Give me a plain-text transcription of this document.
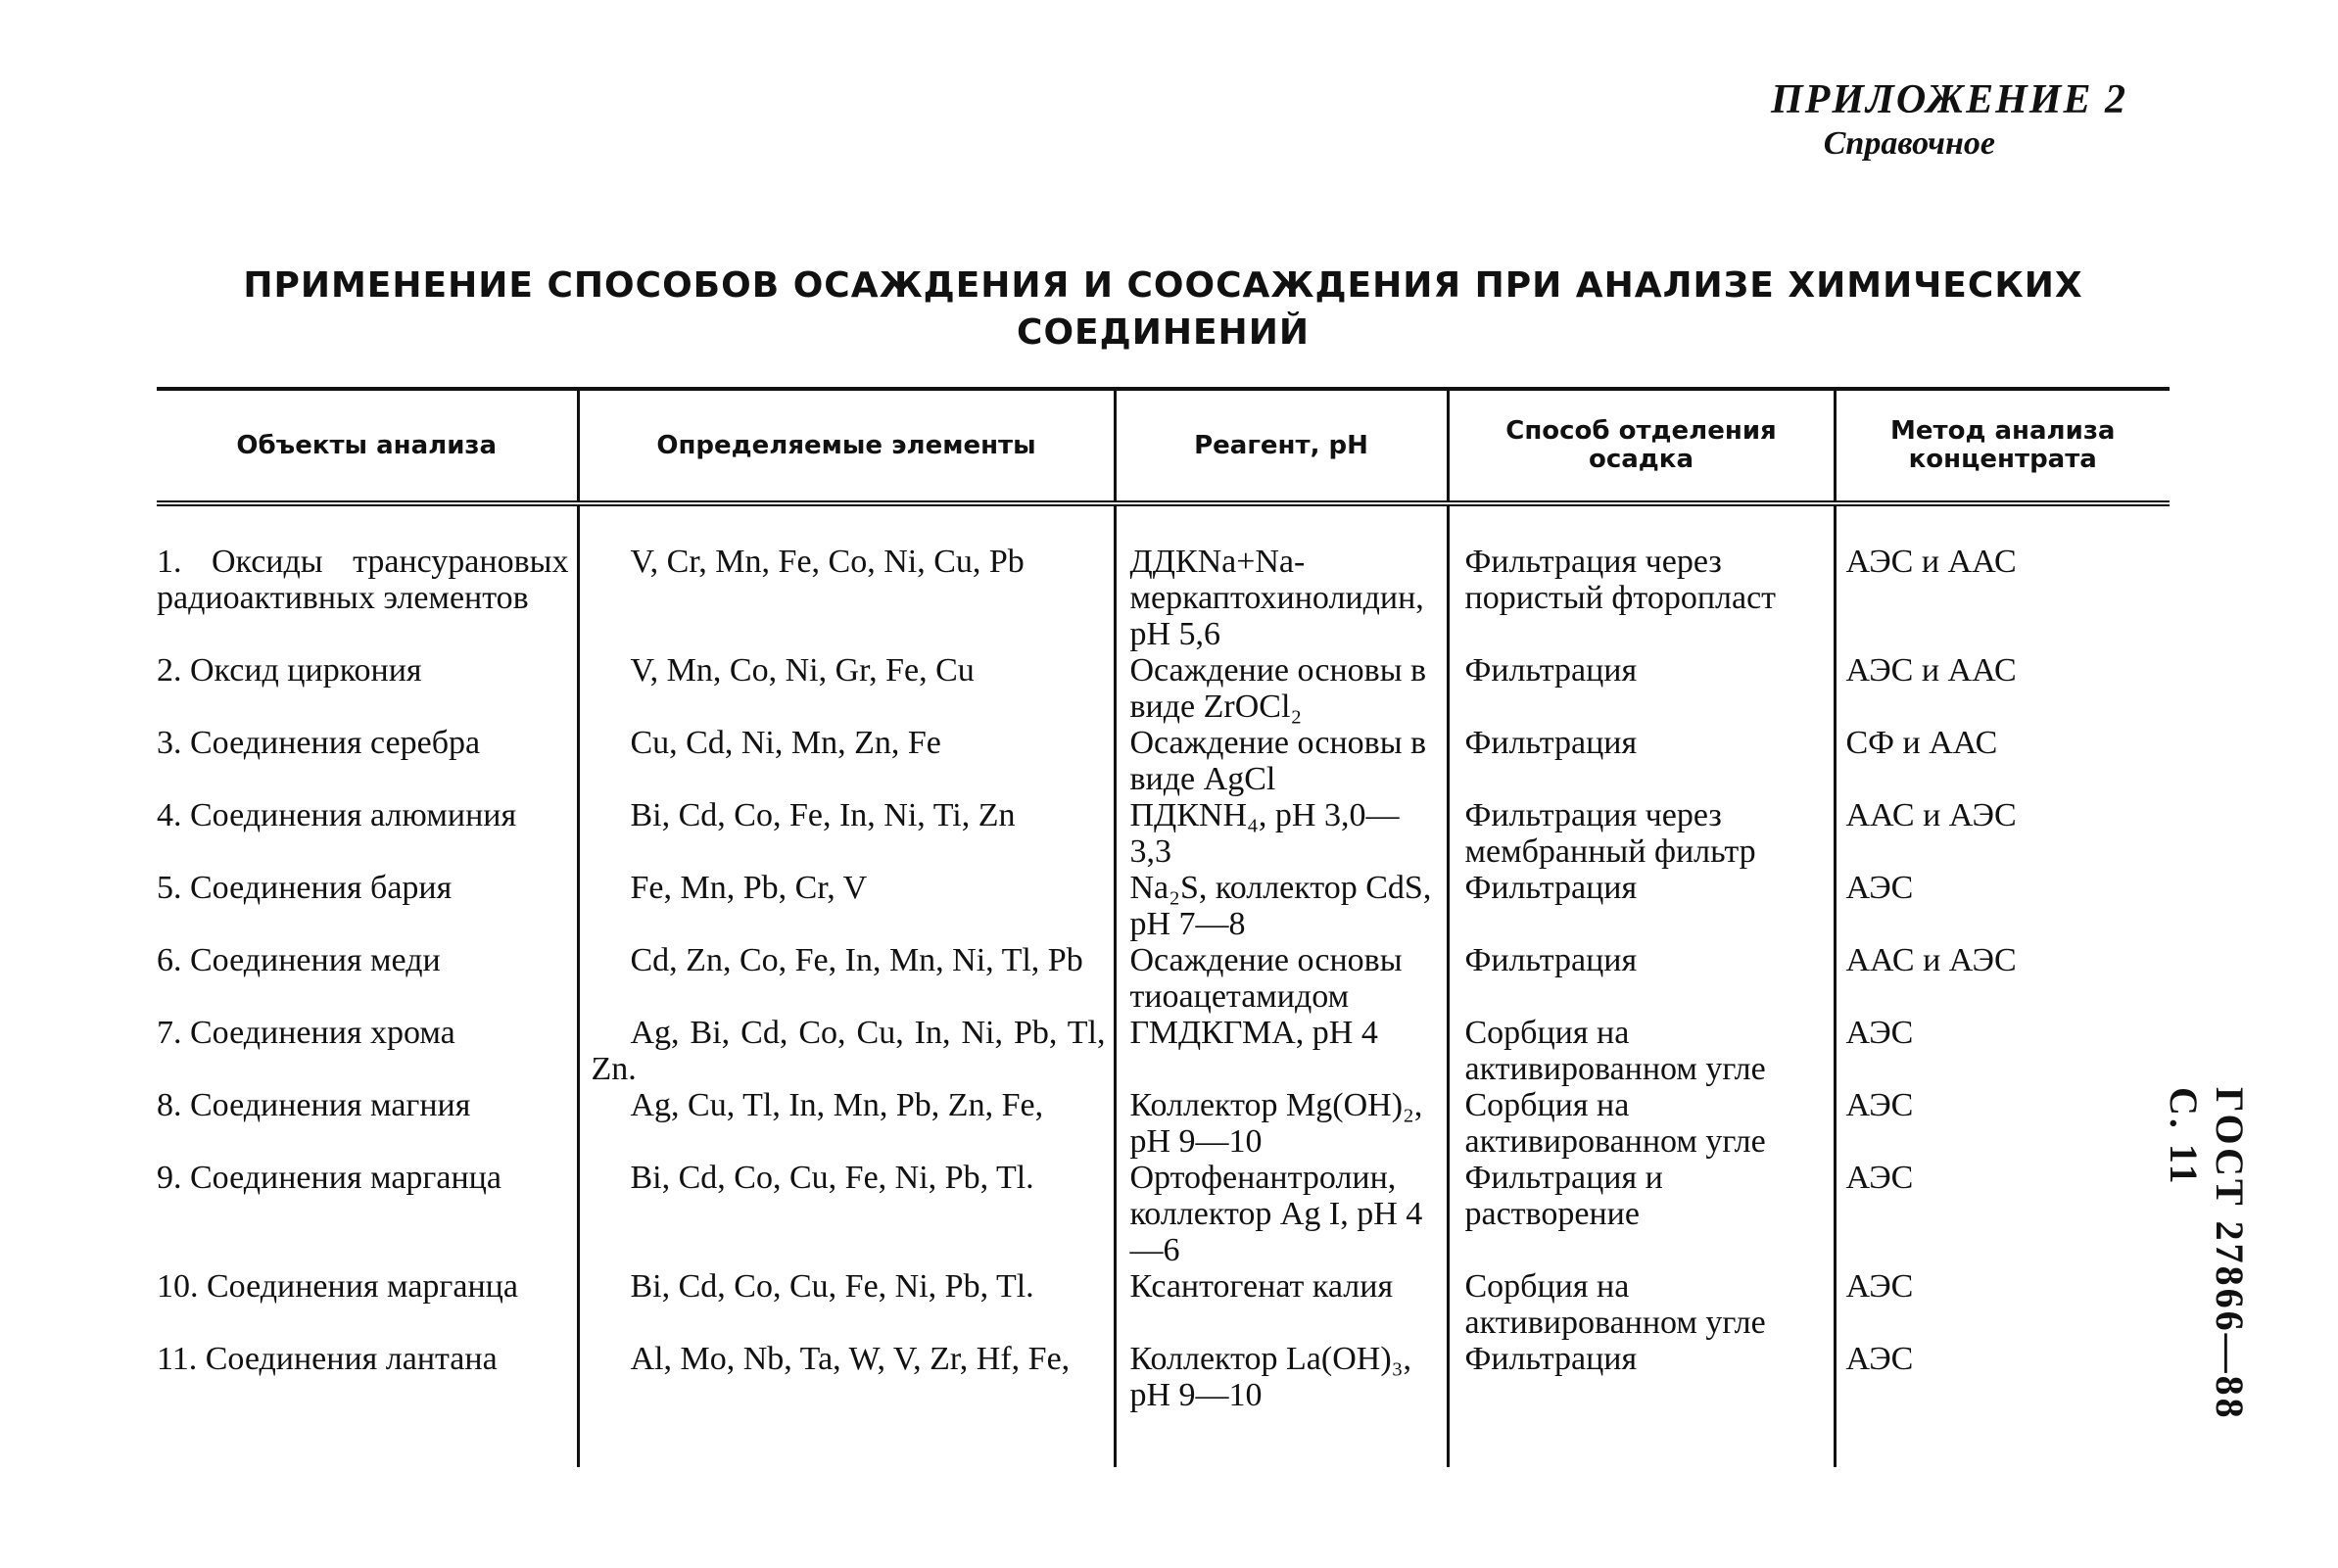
ПРИЛОЖЕНИЕ 2
Справочное
ПРИМЕНЕНИЕ СПОСОБОВ ОСАЖДЕНИЯ И СООСАЖДЕНИЯ ПРИ АНАЛИЗЕ ХИМИЧЕСКИХ
СОЕДИНЕНИЙ
ГОСТ 27866—88 С. 11
Объекты анализа	Определяемые элементы	Реагент, pH	Способ отделения осадка	Метод анализа концентрата

1. Оксиды трансурановых радиоактивных элементов	V, Cr, Mn, Fe, Co, Ni, Cu, Pb	ДДКNa+Na-меркаптохинолидин, pH 5,6	Фильтрация через пористый фторопласт	АЭС и ААС
2. Оксид циркония	V, Mn, Co, Ni, Gr, Fe, Cu	Осаждение основы в виде ZrOCl₂	Фильтрация	АЭС и ААС
3. Соединения серебра	Cu, Cd, Ni, Mn, Zn, Fe	Осаждение основы в виде AgCl	Фильтрация	СФ и ААС
4. Соединения алюминия	Bi, Cd, Co, Fe, In, Ni, Ti, Zn	ПДКNH₄, pH 3,0—3,3	Фильтрация через мембранный фильтр	ААС и АЭС
5. Соединения бария	Fe, Mn, Pb, Cr, V	Na₂S, коллектор CdS, pH 7—8	Фильтрация	АЭС
6. Соединения меди	Cd, Zn, Co, Fe, In, Mn, Ni, Tl, Pb	Осаждение основы тиоацетамидом	Фильтрация	ААС и АЭС
7. Соединения хрома	Ag, Bi, Cd, Co, Cu, In, Ni, Pb, Tl, Zn.	ГМДКГМА, pH 4	Сорбция на активированном угле	АЭС
8. Соединения магния	Ag, Cu, Tl, In, Mn, Pb, Zn, Fe,	Коллектор Mg(OH)₂, pH 9—10	Сорбция на активированном угле	АЭС
9. Соединения марганца	Bi, Cd, Co, Cu, Fe, Ni, Pb, Tl.	Ортофенантролин, коллектор Ag I, pH 4—6	Фильтрация и растворение	АЭС
10. Соединения марганца	Bi, Cd, Co, Cu, Fe, Ni, Pb, Tl.	Ксантогенат калия	Сорбция на активированном угле	АЭС
11. Соединения лантана	Al, Mo, Nb, Ta, W, V, Zr, Hf, Fe,	Коллектор La(OH)₃, pH 9—10	Фильтрация	АЭС
